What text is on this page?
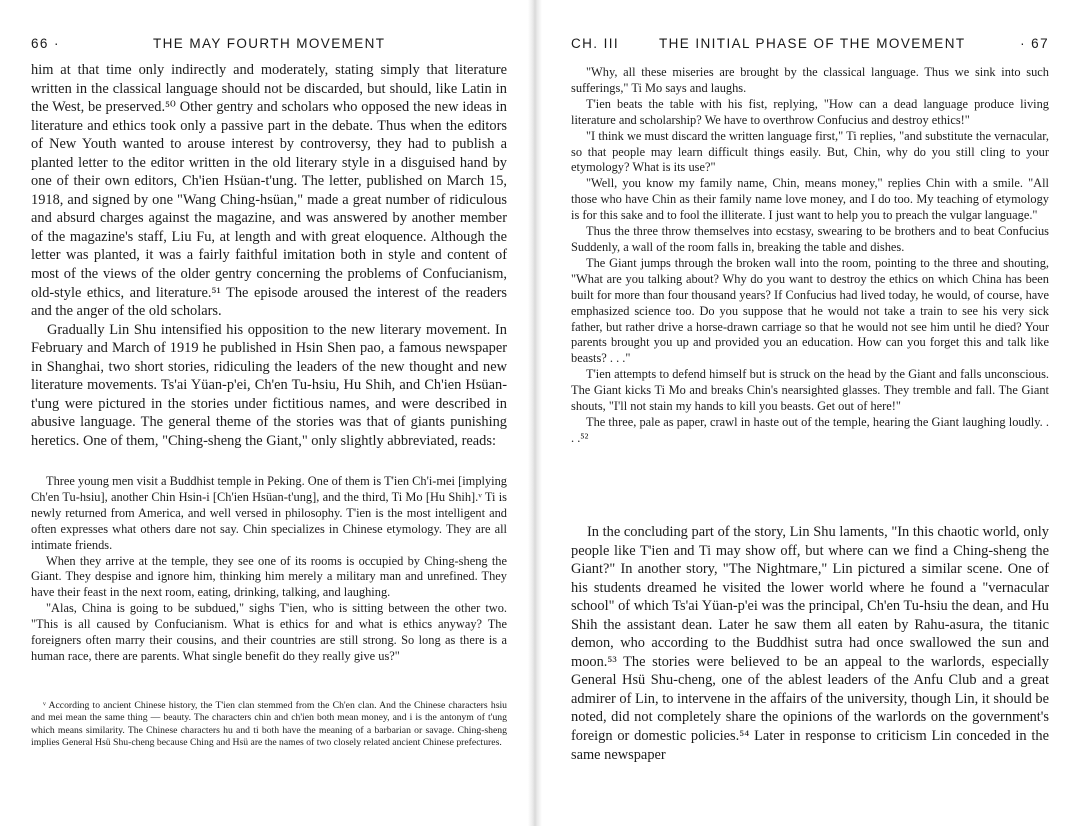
66 ·	THE MAY FOURTH MOVEMENT

him at that time only indirectly and moderately, stating simply that literature written in the classical language should not be discarded, but should, like Latin in the West, be preserved.⁵⁰ Other gentry and scholars who opposed the new ideas in literature and ethics took only a passive part in the debate. Thus when the editors of New Youth wanted to arouse interest by controversy, they had to publish a planted letter to the editor written in the old literary style in a disguised hand by one of their own editors, Ch'ien Hsüan-t'ung. The letter, published on March 15, 1918, and signed by one "Wang Ching-hsüan," made a great number of ridiculous and absurd charges against the magazine, and was answered by another member of the magazine's staff, Liu Fu, at length and with great eloquence. Although the letter was planted, it was a fairly faithful imitation both in style and content of most of the views of the older gentry concerning the problems of Confucianism, old-style ethics, and literature.⁵¹ The episode aroused the interest of the readers and the anger of the old scholars.

Gradually Lin Shu intensified his opposition to the new literary movement. In February and March of 1919 he published in Hsin Shen pao, a famous newspaper in Shanghai, two short stories, ridiculing the leaders of the new thought and new literature movements. Ts'ai Yüan-p'ei, Ch'en Tu-hsiu, Hu Shih, and Ch'ien Hsüan-t'ung were pictured in the stories under fictitious names, and were described in abusive language. The general theme of the stories was that of giants punishing heretics. One of them, "Ching-sheng the Giant," only slightly abbreviated, reads:

Three young men visit a Buddhist temple in Peking. One of them is T'ien Ch'i-mei [implying Ch'en Tu-hsiu], another Chin Hsin-i [Ch'ien Hsüan-t'ung], and the third, Ti Mo [Hu Shih].ᵛ Ti is newly returned from America, and well versed in philosophy. T'ien is the most intelligent and often expresses what others dare not say. Chin specializes in Chinese etymology. They are all intimate friends.

When they arrive at the temple, they see one of its rooms is occupied by Ching-sheng the Giant. They despise and ignore him, thinking him merely a military man and unrefined. They have their feast in the next room, eating, drinking, talking, and laughing.

"Alas, China is going to be subdued," sighs T'ien, who is sitting between the other two. "This is all caused by Confucianism. What is ethics for and what is ethics anyway? The foreigners often marry their cousins, and their countries are still strong. So long as there is a human race, there are parents. What single benefit do they really give us?"

ᵛ According to ancient Chinese history, the T'ien clan stemmed from the Ch'en clan. And the Chinese characters hsiu and mei mean the same thing — beauty. The characters chin and ch'ien both mean money, and i is the antonym of t'ung which means similarity. The Chinese characters hu and ti both have the meaning of a barbarian or savage. Ching-sheng implies General Hsü Shu-cheng because Ching and Hsü are the names of two closely related ancient Chinese prefectures.

CH. III	THE INITIAL PHASE OF THE MOVEMENT	· 67

"Why, all these miseries are brought by the classical language. Thus we sink into such sufferings," Ti Mo says and laughs.

T'ien beats the table with his fist, replying, "How can a dead language produce living literature and scholarship? We have to overthrow Confucius and destroy ethics!"

"I think we must discard the written language first," Ti replies, "and substitute the vernacular, so that people may learn difficult things easily. But, Chin, why do you still cling to your etymology? What is its use?"

"Well, you know my family name, Chin, means money," replies Chin with a smile. "All those who have Chin as their family name love money, and I do too. My teaching of etymology is for this sake and to fool the illiterate. I just want to help you to preach the vulgar language."

Thus the three throw themselves into ecstasy, swearing to be brothers and to beat Confucius Suddenly, a wall of the room falls in, breaking the table and dishes.

The Giant jumps through the broken wall into the room, pointing to the three and shouting, "What are you talking about? Why do you want to destroy the ethics on which China has been built for more than four thousand years? If Confucius had lived today, he would, of course, have emphasized science too. Do you suppose that he would not take a train to see his very sick father, but rather drive a horse-drawn carriage so that he would not see him until he died? Your parents brought you up and provided you an education. How can you forget this and talk like beasts? . . ."

T'ien attempts to defend himself but is struck on the head by the Giant and falls unconscious. The Giant kicks Ti Mo and breaks Chin's nearsighted glasses. They tremble and fall. The Giant shouts, "I'll not stain my hands to kill you beasts. Get out of here!"

The three, pale as paper, crawl in haste out of the temple, hearing the Giant laughing loudly. . . .⁵²

In the concluding part of the story, Lin Shu laments, "In this chaotic world, only people like T'ien and Ti may show off, but where can we find a Ching-sheng the Giant?" In another story, "The Nightmare," Lin pictured a similar scene. One of his students dreamed he visited the lower world where he found a "vernacular school" of which Ts'ai Yüan-p'ei was the principal, Ch'en Tu-hsiu the dean, and Hu Shih the assistant dean. Later he saw them all eaten by Rahu-asura, the titanic demon, who according to the Buddhist sutra had once swallowed the sun and moon.⁵³ The stories were believed to be an appeal to the warlords, especially General Hsü Shu-cheng, one of the ablest leaders of the Anfu Club and a great admirer of Lin, to intervene in the affairs of the university, though Lin, it should be noted, did not completely share the opinions of the warlords on the government's foreign or domestic policies.⁵⁴ Later in response to criticism Lin conceded in the same newspaper
